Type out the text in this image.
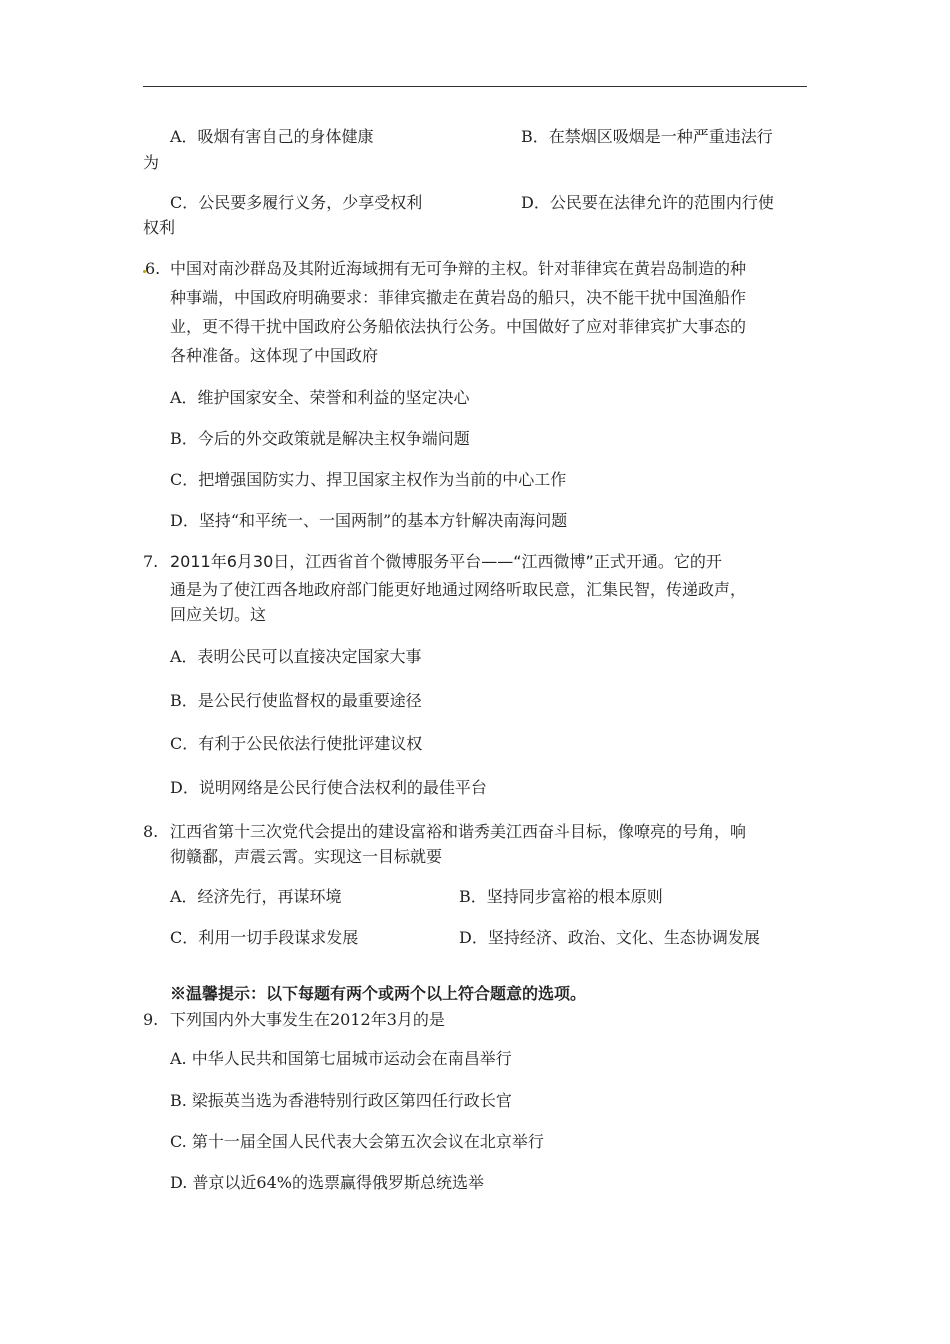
A．吸烟有害自己的身体健康	B．在禁烟区吸烟是一种严重违法行
为
C．公民要多履行义务，少享受权利	D．公民要在法律允许的范围内行使
权利
6. 中国对南沙群岛及其附近海域拥有无可争辩的主权。针对菲律宾在黄岩岛制造的种
种事端，中国政府明确要求：菲律宾撤走在黄岩岛的船只，决不能干扰中国渔船作
业，更不得干扰中国政府公务船依法执行公务。中国做好了应对菲律宾扩大事态的
各种准备。这体现了中国政府
A．维护国家安全、荣誉和利益的坚定决心
B．今后的外交政策就是解决主权争端问题
C．把增强国防实力、捍卫国家主权作为当前的中心工作
D．坚持“和平统一、一国两制”的基本方针解决南海问题
7. 2011年6月30日，江西省首个微博服务平台——“江西微博”正式开通。它的开
通是为了使江西各地政府部门能更好地通过网络听取民意，汇集民智，传递政声，
回应关切。这
A．表明公民可以直接决定国家大事
B．是公民行使监督权的最重要途径
C．有利于公民依法行使批评建议权
D．说明网络是公民行使合法权利的最佳平台
8. 江西省第十三次党代会提出的建设富裕和谐秀美江西奋斗目标，像嘹亮的号角，响
彻赣鄱，声震云霄。实现这一目标就要
A．经济先行，再谋环境	B．坚持同步富裕的根本原则
C．利用一切手段谋求发展	D．坚持经济、政治、文化、生态协调发展
※温馨提示：以下每题有两个或两个以上符合题意的选项。
9. 下列国内外大事发生在2012年3月的是
A. 中华人民共和国第七届城市运动会在南昌举行
B. 梁振英当选为香港特别行政区第四任行政长官
C. 第十一届全国人民代表大会第五次会议在北京举行
D. 普京以近64%的选票赢得俄罗斯总统选举
